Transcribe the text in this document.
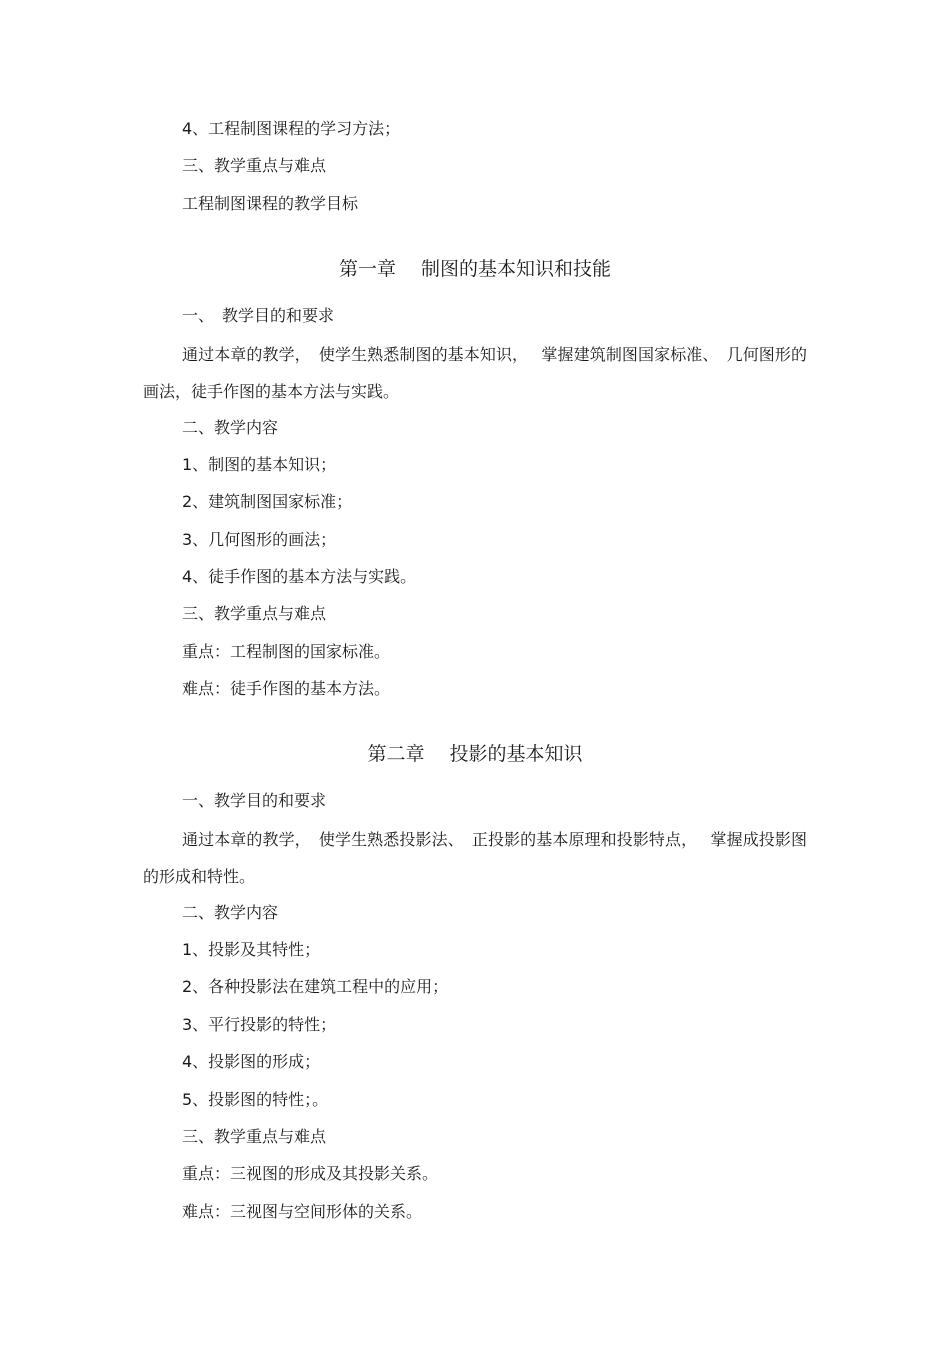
4、工程制图课程的学习方法；
三、教学重点与难点
工程制图课程的教学目标
第一章　 制图的基本知识和技能
一、　教学目的和要求
通过本章的教学，　使学生熟悉制图的基本知识，　 掌握建筑制图国家标准、　几何图形的画法，徒手作图的基本方法与实践。
二、教学内容
1、制图的基本知识；
2、建筑制图国家标准；
3、几何图形的画法；
4、徒手作图的基本方法与实践。
三、教学重点与难点
重点：工程制图的国家标准。
难点：徒手作图的基本方法。
第二章　 投影的基本知识
一、教学目的和要求
通过本章的教学，　使学生熟悉投影法、　正投影的基本原理和投影特点，　 掌握成投影图的形成和特性。
二、教学内容
1、投影及其特性；
2、各种投影法在建筑工程中的应用；
3、平行投影的特性；
4、投影图的形成；
5、投影图的特性；。
三、教学重点与难点
重点：三视图的形成及其投影关系。
难点：三视图与空间形体的关系。
